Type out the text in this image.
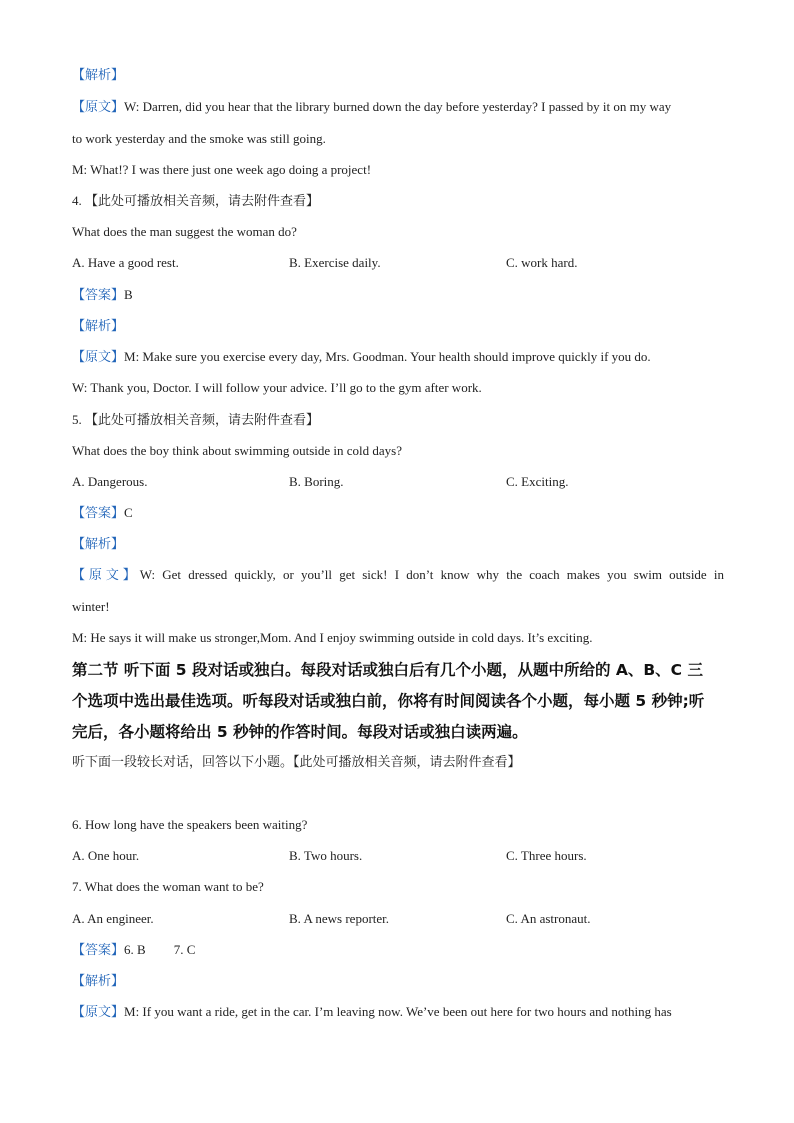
【解析】
【原文】W: Darren, did you hear that the library burned down the day before yesterday? I passed by it on my way
to work yesterday and the smoke was still going.
M: What!? I was there just one week ago doing a project!
4. 【此处可播放相关音频，请去附件查看】
What does the man suggest the woman do?
A. Have a good rest.	B. Exercise daily.	C. work hard.
【答案】B
【解析】
【原文】M: Make sure you exercise every day, Mrs. Goodman. Your health should improve quickly if you do.
W: Thank you, Doctor. I will follow your advice. I’ll go to the gym after work.
5. 【此处可播放相关音频，请去附件查看】
What does the boy think about swimming outside in cold days?
A. Dangerous.	B. Boring.	C. Exciting.
【答案】C
【解析】
【原文】W: Get dressed quickly, or you’ll get sick! I don’t know why the coach makes you swim outside in
winter!
M: He says it will make us stronger,Mom. And I enjoy swimming outside in cold days. It’s exciting.
第二节 听下面 5 段对话或独白。每段对话或独白后有几个小题，从题中所给的 A、B、C 三
个选项中选出最佳选项。听每段对话或独白前，你将有时间阅读各个小题，每小题 5 秒钟;听
完后，各小题将给出 5 秒钟的作答时间。每段对话或独白读两遍。
听下面一段较长对话，回答以下小题。【此处可播放相关音频，请去附件查看】
6. How long have the speakers been waiting?
A. One hour.	B. Two hours.	C. Three hours.
7. What does the woman want to be?
A. An engineer.	B. A news reporter.	C. An astronaut.
【答案】6. B 7. C
【解析】
【原文】M: If you want a ride, get in the car. I’m leaving now. We’ve been out here for two hours and nothing has
